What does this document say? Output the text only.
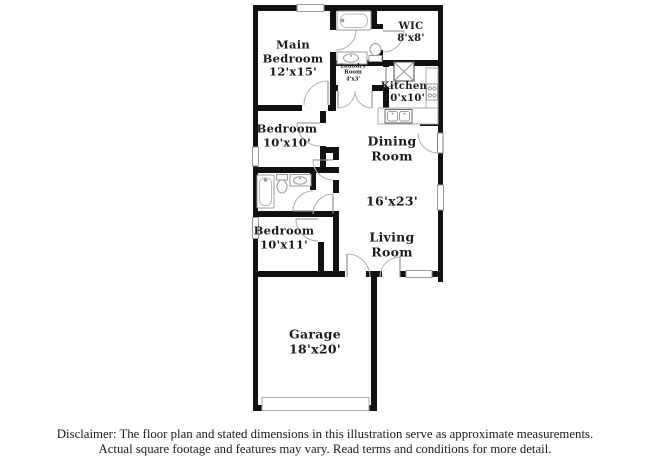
Main
Bedroom
12'x15'
WIC
8'x8'
Laundry
Room
4'x3'
Kitchen
10'x10'
Bedroom
10'x10'	Dining
Room
16'x23'
Bedroom
10'x11'	Living
Room
Garage
18'x20'
Disclaimer: The floor plan and stated dimensions in this illustration serve as approximate measurements.
Actual square footage and features may vary. Read terms and conditions for more detail.
